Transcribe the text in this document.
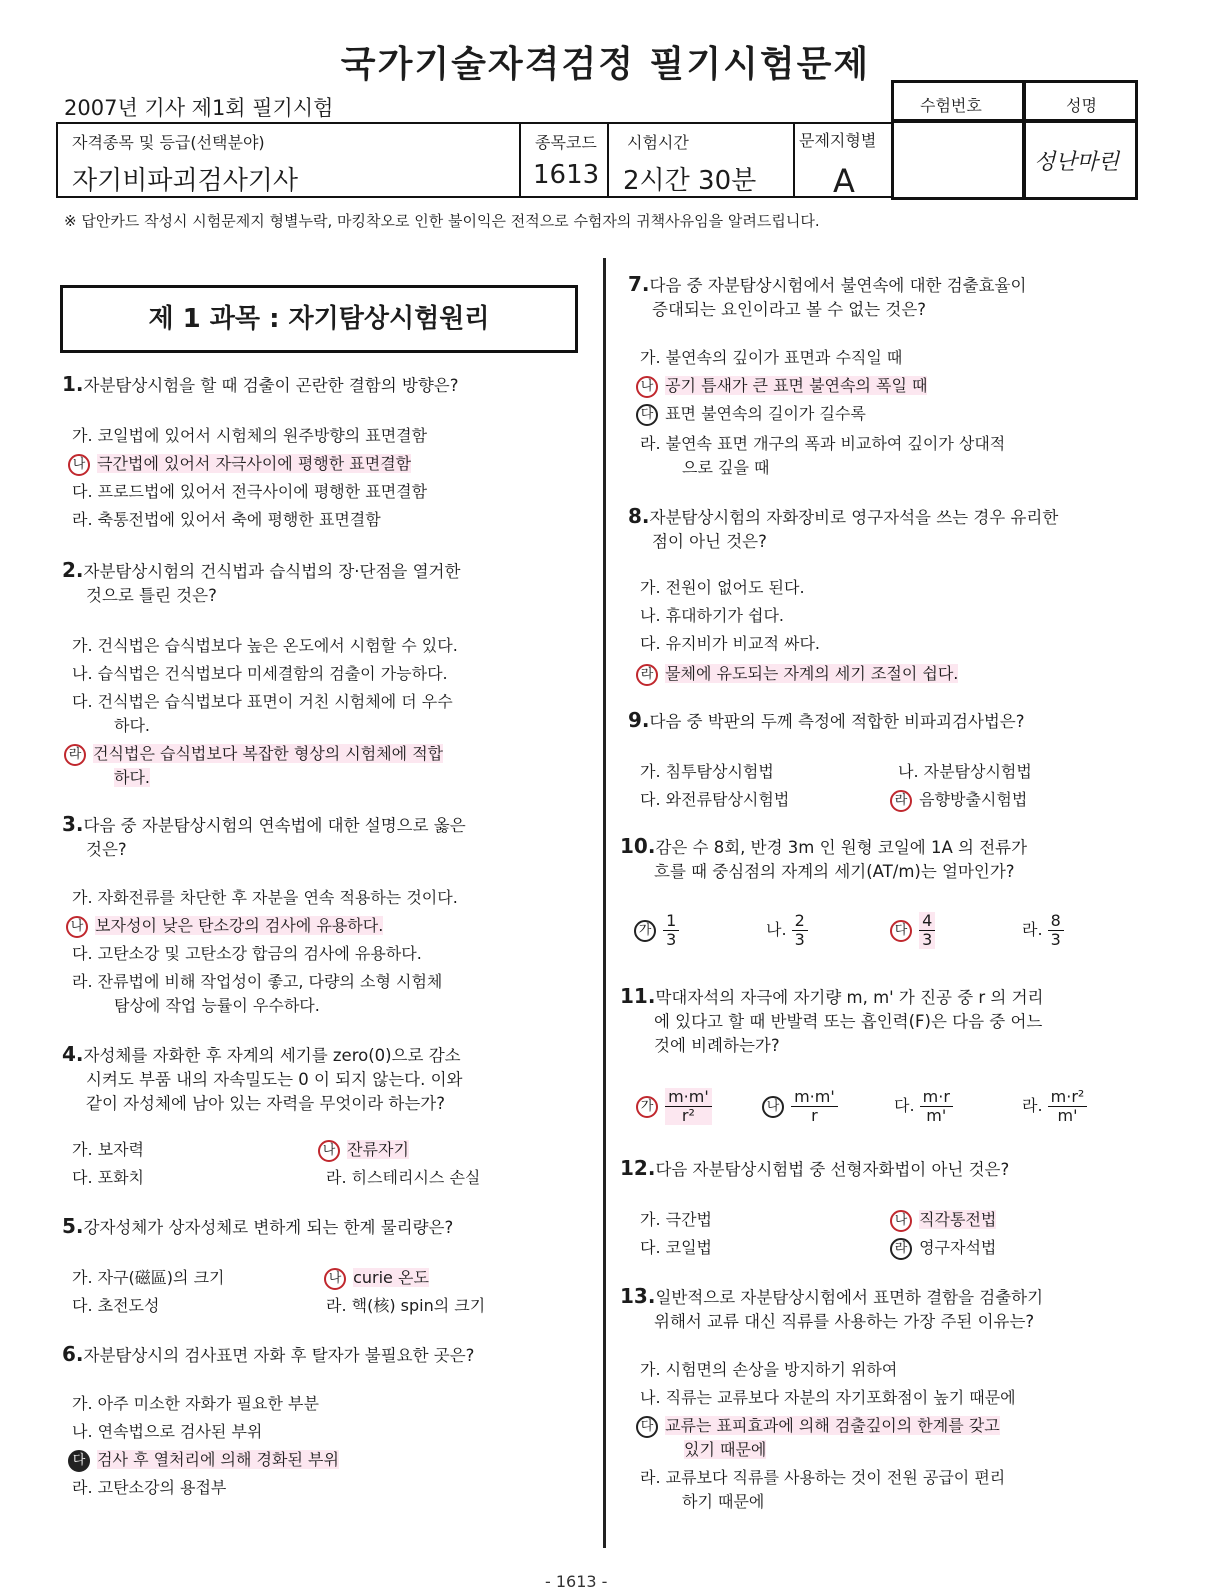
국가기술자격검정 필기시험문제
2007년 기사 제1회 필기시험
자격종목 및 등급(선택분야)
자기비파괴검사기사
종목코드
1613
시험시간
2시간 30분
문제지형별
A
수험번호	성명
성난마린
※ 답안카드 작성시 시험문제지 형별누락, 마킹착오로 인한 불이익은 전적으로 수험자의 귀책사유임을 알려드립니다.
제 1 과목 : 자기탐상시험원리
1.자분탐상시험을 할 때 검출이 곤란한 결함의 방향은?
가. 코일법에 있어서 시험체의 원주방향의 표면결함
나 극간법에 있어서 자극사이에 평행한 표면결함
다. 프로드법에 있어서 전극사이에 평행한 표면결함
라. 축통전법에 있어서 축에 평행한 표면결함
2.자분탐상시험의 건식법과 습식법의 장·단점을 열거한
것으로 틀린 것은?
가. 건식법은 습식법보다 높은 온도에서 시험할 수 있다.
나. 습식법은 건식법보다 미세결함의 검출이 가능하다.
다. 건식법은 습식법보다 표면이 거친 시험체에 더 우수
하다.
라 건식법은 습식법보다 복잡한 형상의 시험체에 적합
하다.
3.다음 중 자분탐상시험의 연속법에 대한 설명으로 옳은
것은?
가. 자화전류를 차단한 후 자분을 연속 적용하는 것이다.
나 보자성이 낮은 탄소강의 검사에 유용하다.
다. 고탄소강 및 고탄소강 합금의 검사에 유용하다.
라. 잔류법에 비해 작업성이 좋고, 다량의 소형 시험체
탐상에 작업 능률이 우수하다.
4.자성체를 자화한 후 자계의 세기를 zero(0)으로 감소
시켜도 부품 내의 자속밀도는 0 이 되지 않는다. 이와
같이 자성체에 남아 있는 자력을 무엇이라 하는가?
가. 보자력	나 잔류자기
다. 포화치	라. 히스테리시스 손실
5.강자성체가 상자성체로 변하게 되는 한계 물리량은?
가. 자구(磁區)의 크기	나 curie 온도
다. 초전도성	라. 핵(核) spin의 크기
6.자분탐상시의 검사표면 자화 후 탈자가 불필요한 곳은?
가. 아주 미소한 자화가 필요한 부분
나. 연속법으로 검사된 부위
다 검사 후 열처리에 의해 경화된 부위
라. 고탄소강의 용접부
7.다음 중 자분탐상시험에서 불연속에 대한 검출효율이
증대되는 요인이라고 볼 수 없는 것은?
가. 불연속의 깊이가 표면과 수직일 때
나 공기 틈새가 큰 표면 불연속의 폭일 때
다 표면 불연속의 길이가 길수록
라. 불연속 표면 개구의 폭과 비교하여 깊이가 상대적
으로 깊을 때
8.자분탐상시험의 자화장비로 영구자석을 쓰는 경우 유리한
점이 아닌 것은?
가. 전원이 없어도 된다.
나. 휴대하기가 쉽다.
다. 유지비가 비교적 싸다.
라 물체에 유도되는 자계의 세기 조절이 쉽다.
9.다음 중 박판의 두께 측정에 적합한 비파괴검사법은?
가. 침투탐상시험법	나. 자분탐상시험법
다. 와전류탐상시험법	라 음향방출시험법
10.감은 수 8회, 반경 3m 인 원형 코일에 1A 의 전류가
흐를 때 중심점의 자계의 세기(AT/m)는 얼마인가?
가 $\frac{1}{3}$	나. $\frac{2}{3}$	다 $\frac{4}{3}$	라. $\frac{8}{3}$
11.막대자석의 자극에 자기량 m, m' 가 진공 중 r 의 거리
에 있다고 할 때 반발력 또는 흡인력(F)은 다음 중 어느
것에 비례하는가?
가 $\frac{m\cdot m'}{\text{r²}}$	나 $\frac{m\cdot m'}{r}$	다. $\frac{m\cdot r}{m'}$	라. $\frac{\text{m·r²}}{m'}$
12.다음 자분탐상시험법 중 선형자화법이 아닌 것은?
가. 극간법	나 직각통전법
다. 코일법	라 영구자석법
13.일반적으로 자분탐상시험에서 표면하 결함을 검출하기
위해서 교류 대신 직류를 사용하는 가장 주된 이유는?
가. 시험면의 손상을 방지하기 위하여
나. 직류는 교류보다 자분의 자기포화점이 높기 때문에
다 교류는 표피효과에 의해 검출깊이의 한계를 갖고
있기 때문에
라. 교류보다 직류를 사용하는 것이 전원 공급이 편리
하기 때문에
- 1613 -
